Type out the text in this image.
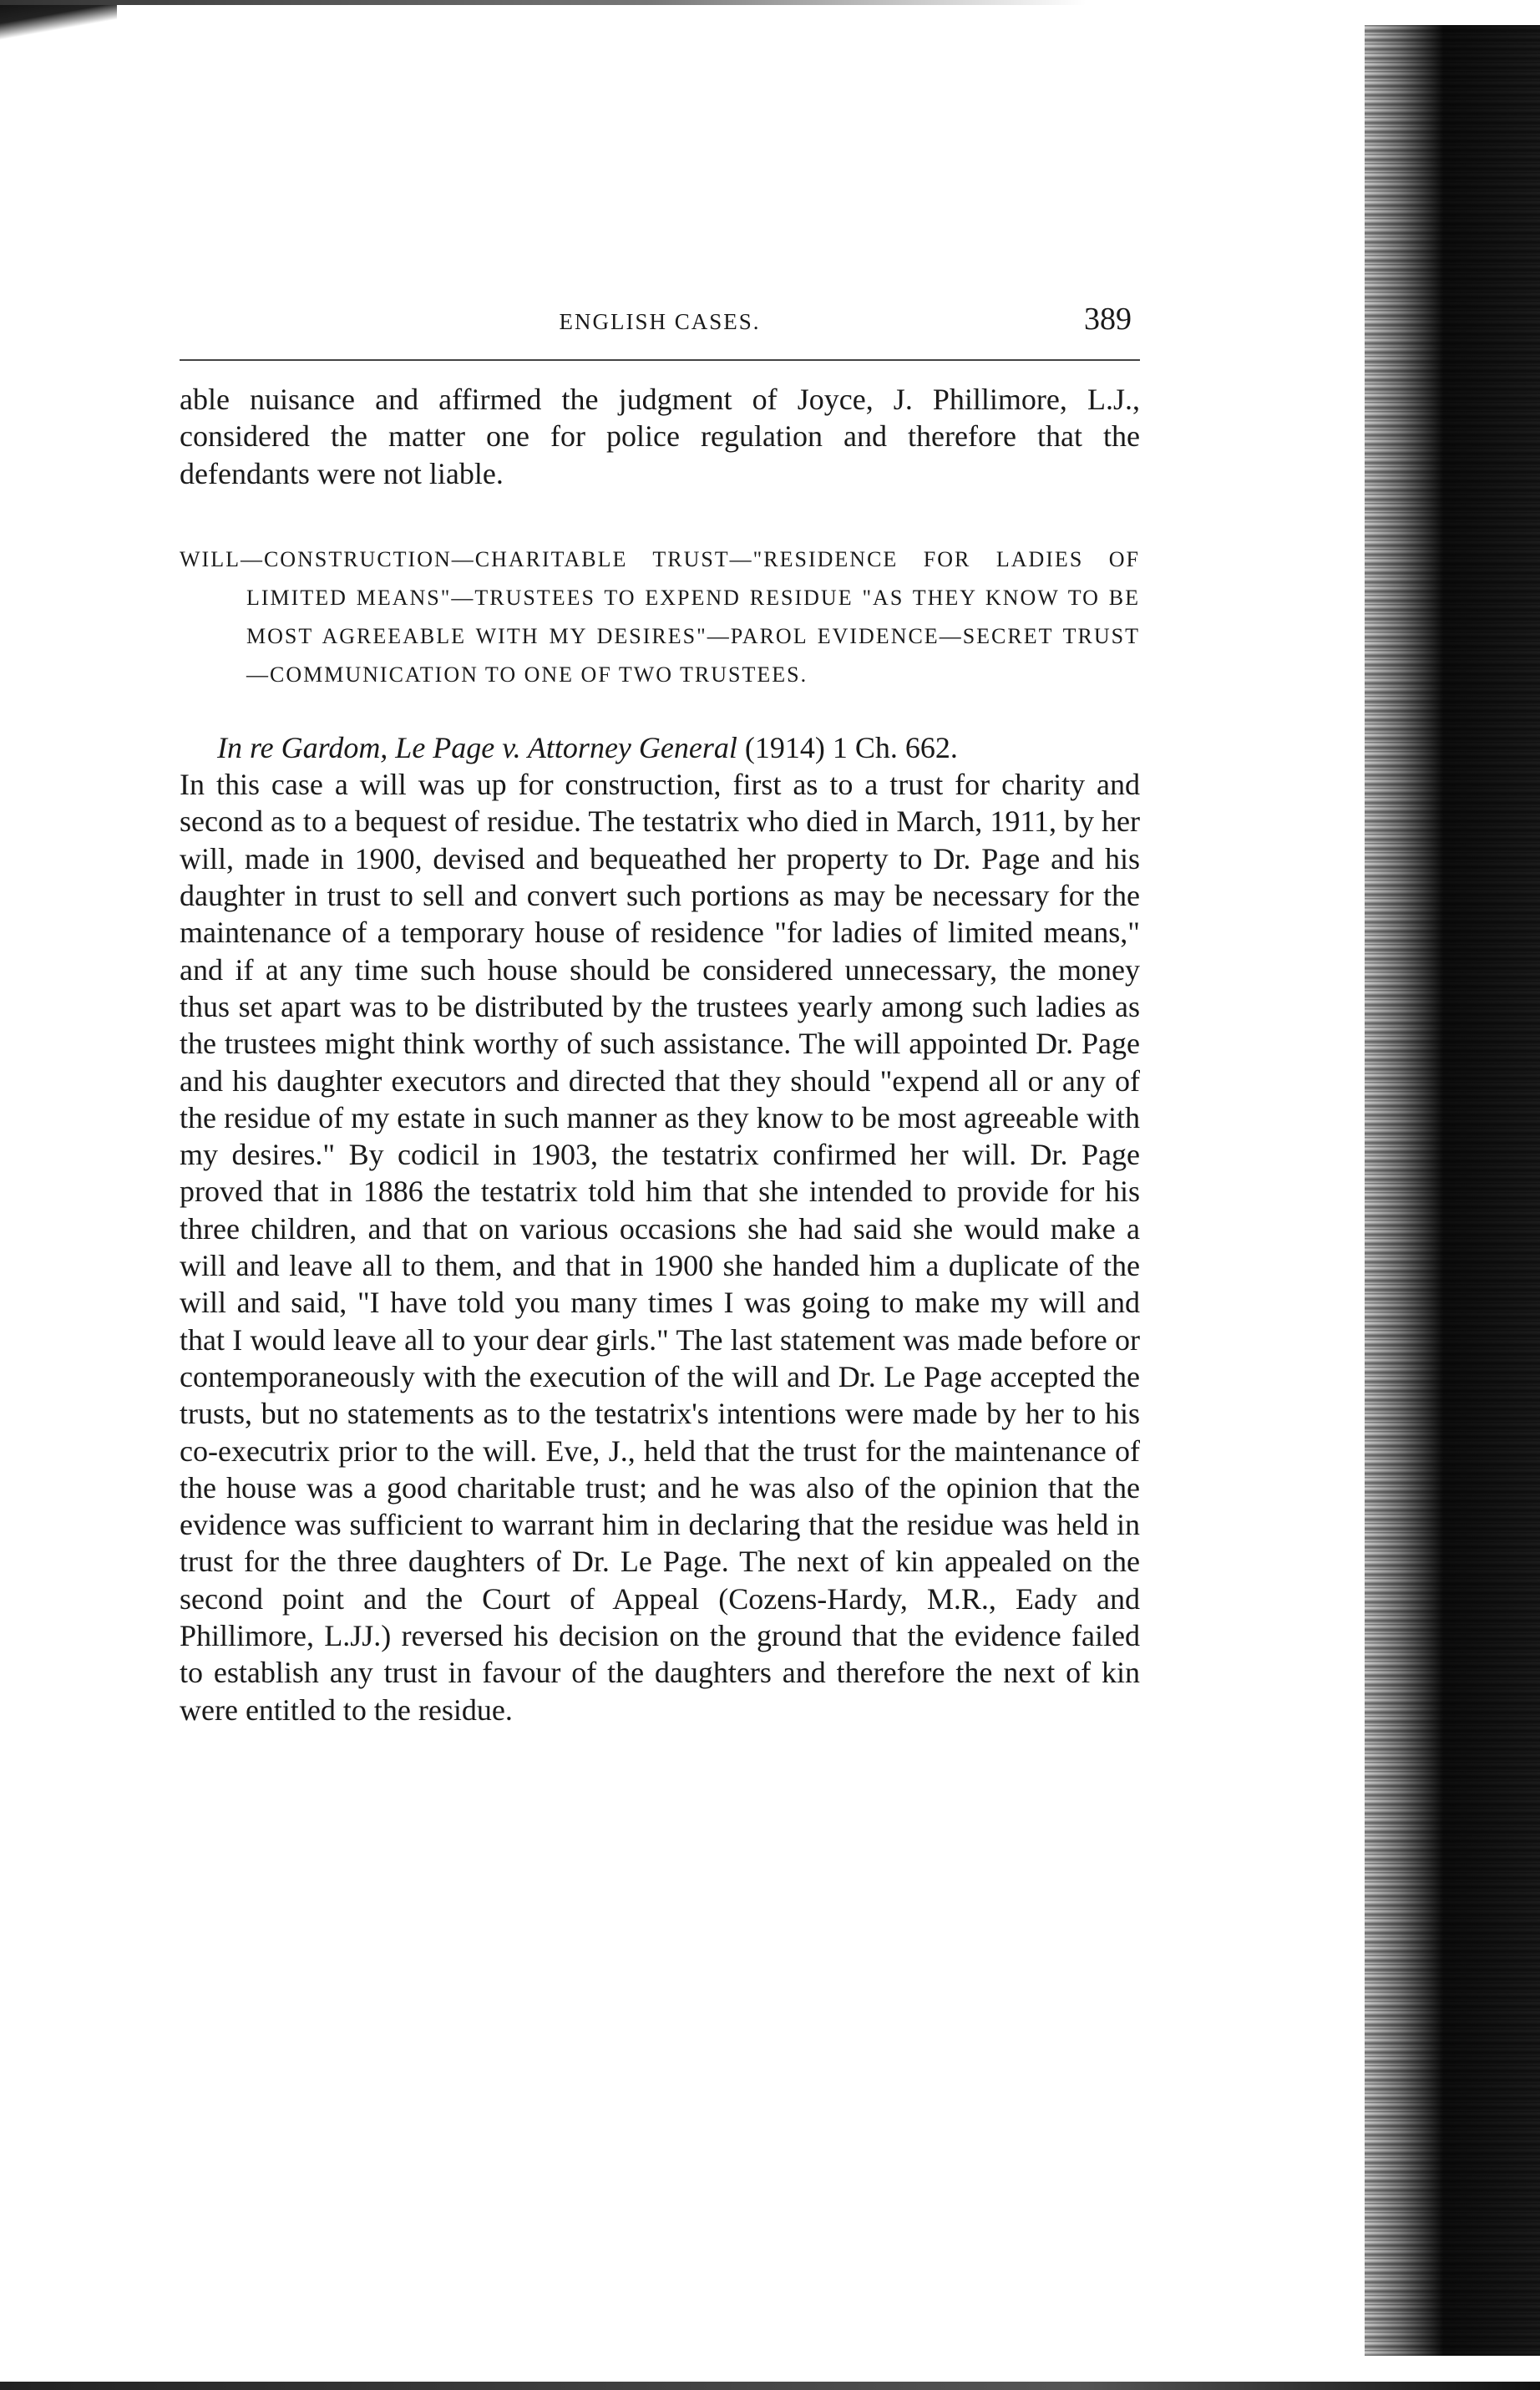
ENGLISH CASES.	389

able nuisance and affirmed the judgment of Joyce, J. Phillimore, L.J., considered the matter one for police regulation and therefore that the defendants were not liable.

WILL—CONSTRUCTION—CHARITABLE TRUST—"RESIDENCE FOR LADIES OF LIMITED MEANS"—TRUSTEES TO EXPEND RESIDUE "AS THEY KNOW TO BE MOST AGREEABLE WITH MY DESIRES"—PAROL EVIDENCE—SECRET TRUST—COMMUNICATION TO ONE OF TWO TRUSTEES.

In re Gardom, Le Page v. Attorney General (1914) 1 Ch. 662.

In this case a will was up for construction, first as to a trust for charity and second as to a bequest of residue. The testatrix who died in March, 1911, by her will, made in 1900, devised and bequeathed her property to Dr. Page and his daughter in trust to sell and convert such portions as may be necessary for the maintenance of a temporary house of residence "for ladies of limited means," and if at any time such house should be considered unnecessary, the money thus set apart was to be distributed by the trustees yearly among such ladies as the trustees might think worthy of such assistance. The will appointed Dr. Page and his daughter executors and directed that they should "expend all or any of the residue of my estate in such manner as they know to be most agreeable with my desires." By codicil in 1903, the testatrix confirmed her will. Dr. Page proved that in 1886 the testatrix told him that she intended to provide for his three children, and that on various occasions she had said she would make a will and leave all to them, and that in 1900 she handed him a duplicate of the will and said, "I have told you many times I was going to make my will and that I would leave all to your dear girls." The last statement was made before or contemporaneously with the execution of the will and Dr. Le Page accepted the trusts, but no statements as to the testatrix's intentions were made by her to his co-executrix prior to the will. Eve, J., held that the trust for the maintenance of the house was a good charitable trust; and he was also of the opinion that the evidence was sufficient to warrant him in declaring that the residue was held in trust for the three daughters of Dr. Le Page. The next of kin appealed on the second point and the Court of Appeal (Cozens-Hardy, M.R., Eady and Phillimore, L.JJ.) reversed his decision on the ground that the evidence failed to establish any trust in favour of the daughters and therefore the next of kin were entitled to the residue.
